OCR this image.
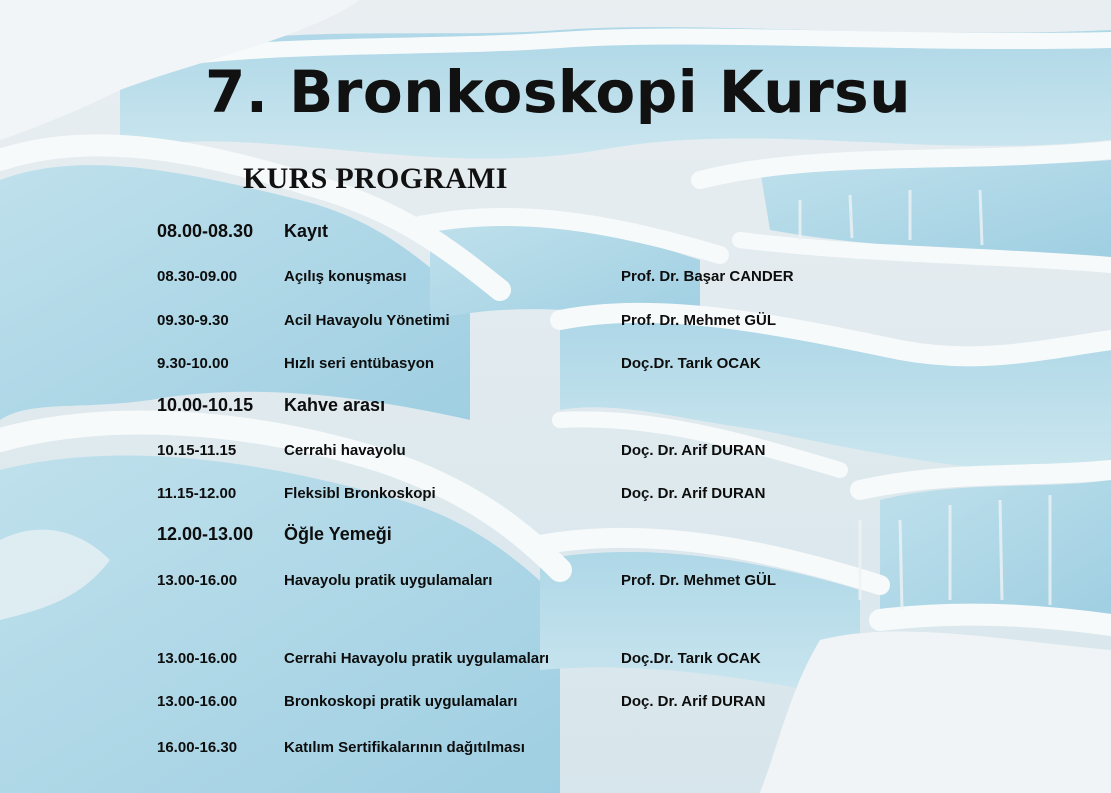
7. Bronkoskopi Kursu
KURS PROGRAMI
08.00-08.30 Kayıt
08.30-09.00	Açılış konuşması	Prof. Dr. Başar CANDER
09.30-9.30	Acil Havayolu Yönetimi	Prof. Dr. Mehmet GÜL
9.30-10.00	Hızlı seri entübasyon	Doç.Dr. Tarık OCAK
10.00-10.15 Kahve arası
10.15-11.15	Cerrahi havayolu	Doç. Dr. Arif DURAN
11.15-12.00	Fleksibl Bronkoskopi	Doç. Dr. Arif DURAN
12.00-13.00 Öğle Yemeği
13.00-16.00	Havayolu pratik uygulamaları	Prof. Dr. Mehmet GÜL
13.00-16.00	Cerrahi Havayolu pratik uygulamaları	Doç.Dr. Tarık OCAK
13.00-16.00	Bronkoskopi pratik uygulamaları	Doç. Dr. Arif DURAN
16.00-16.30	Katılım Sertifikalarının dağıtılması
